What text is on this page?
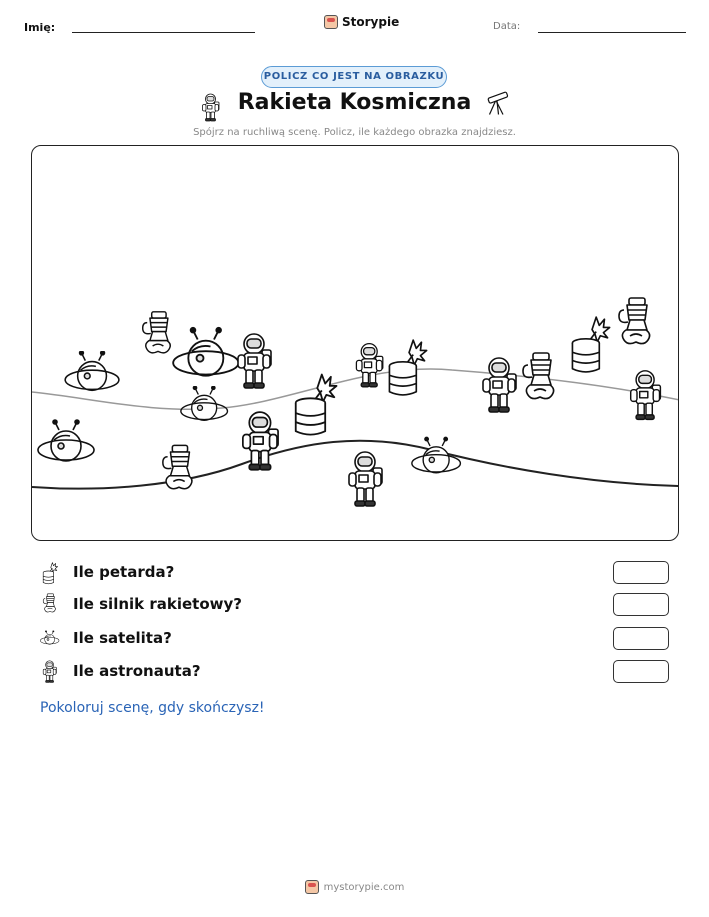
Imię:	Storypie	Data:
POLICZ CO JEST NA OBRAZKU
Rakieta Kosmiczna
Spójrz na ruchliwą scenę. Policz, ile każdego obrazka znajdziesz.
Ile petarda?
Ile silnik rakietowy?
Ile satelita?
Ile astronauta?
Pokoloruj scenę, gdy skończysz!
mystorypie.com
